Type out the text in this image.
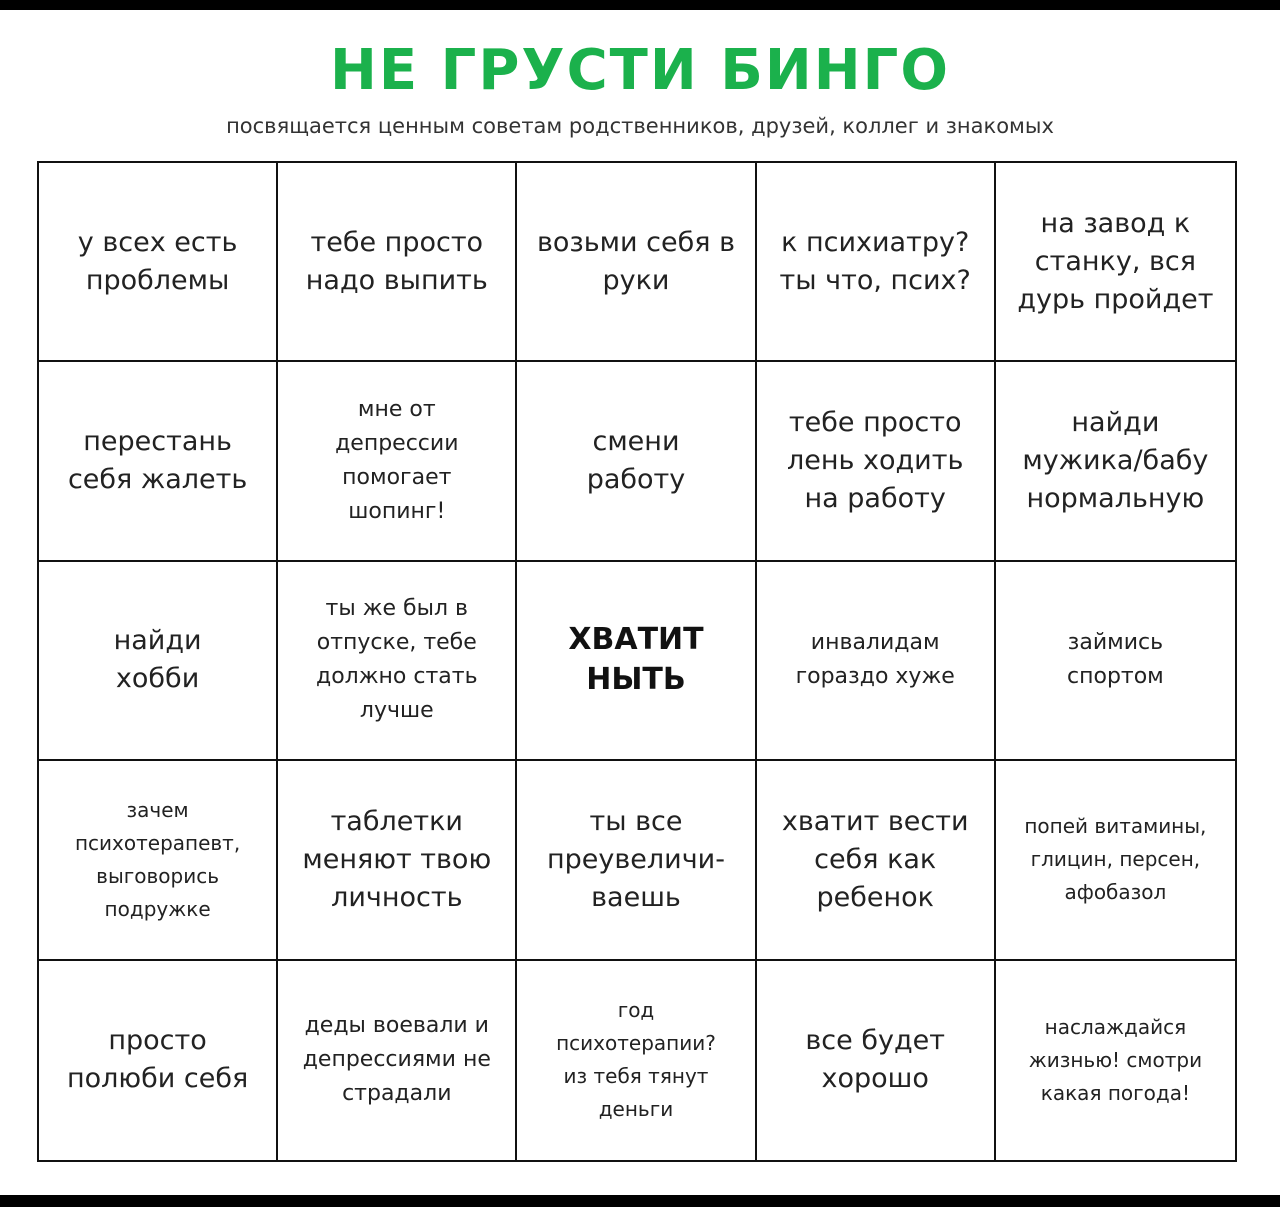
НЕ ГРУСТИ БИНГО
посвящается ценным советам родственников, друзей, коллег и знакомых
у всех есть
проблемы
тебе просто
надо выпить
возьми себя в
руки
к психиатру?
ты что, псих?
на завод к
станку, вся
дурь пройдет
перестань
себя жалеть
мне от
депрессии
помогает
шопинг!
смени
работу
тебе просто
лень ходить
на работу
найди
мужика/бабу
нормальную
найди
хобби
ты же был в
отпуске, тебе
должно стать
лучше
ХВАТИТ
НЫТЬ
инвалидам
гораздо хуже
займись
спортом
зачем
психотерапевт,
выговорись
подружке
таблетки
меняют твою
личность
ты все
преувеличи-
ваешь
хватит вести
себя как
ребенок
попей витамины,
глицин, персен,
афобазол
просто
полюби себя
деды воевали и
депрессиями не
страдали
год
психотерапии?
из тебя тянут
деньги
все будет
хорошо
наслаждайся
жизнью! смотри
какая погода!
